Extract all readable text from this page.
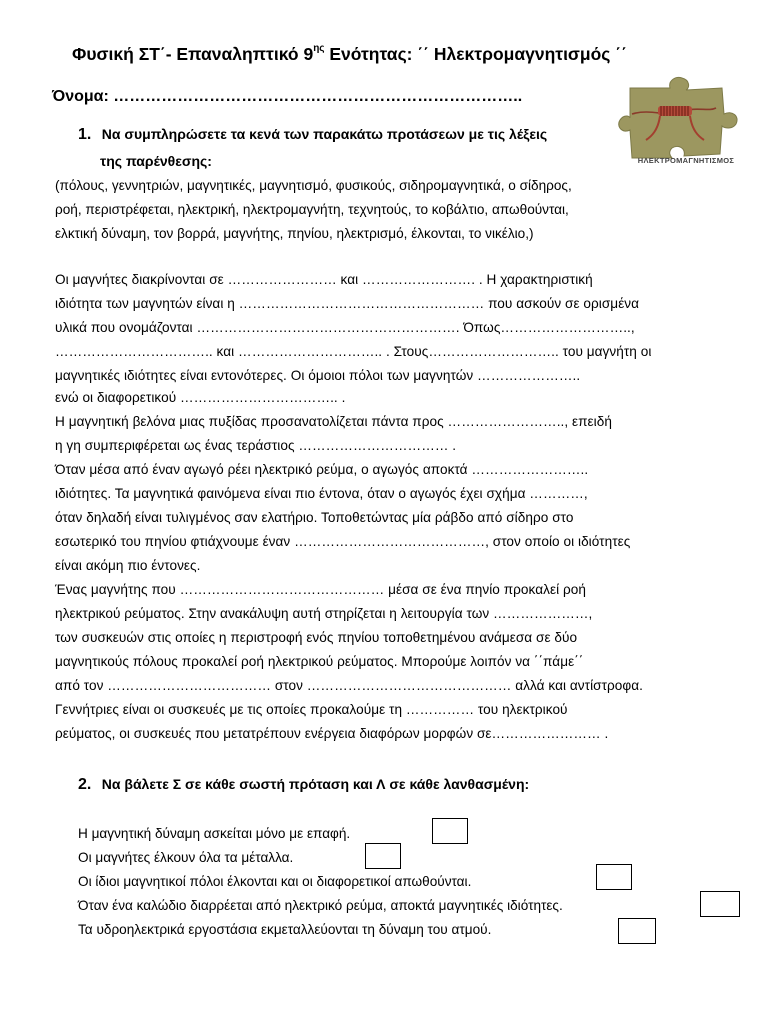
Φυσική ΣΤ΄- Επαναληπτικό $9^{\eta\varsigma}$ Ενότητας: ΄΄ Ηλεκτρομαγνητισμός ΄΄
Όνομα: …………………………………………………………………..
ΗΛΕΚΤΡΟΜΑΓΝΗΤΙΣΜΟΣ
1. Να συμπληρώσετε τα κενά των παρακάτω προτάσεων με τις λέξεις
της παρένθεσης:
(πόλους, γεννητριών, μαγνητικές, μαγνητισμό, φυσικούς, σιδηρομαγνητικά, ο σίδηρος,
ροή, περιστρέφεται, ηλεκτρική, ηλεκτρομαγνήτη, τεχνητούς, το κοβάλτιο, απωθούνται,
ελκτική δύναμη, τον βορρά, μαγνήτης, πηνίου, ηλεκτρισμό, έλκονται, το νικέλιο,)
Οι μαγνήτες διακρίνονται σε …………………… και ……………………. . Η χαρακτηριστική
ιδιότητα των μαγνητών είναι η ……………………………………………… που ασκούν σε ορισμένα
υλικά που ονομάζονται …………………………………………………. Όπως………………………..,
…………………………….. και ………………………….. . Στους……………………….. του μαγνήτη οι
μαγνητικές ιδιότητες είναι εντονότερες. Οι όμοιοι πόλοι των μαγνητών …………………..
ενώ οι διαφορετικού …………………………….. .
Η μαγνητική βελόνα μιας πυξίδας προσανατολίζεται πάντα προς …………………….., επειδή
η γη συμπεριφέρεται ως ένας τεράστιος …………………………… .
Όταν μέσα από έναν αγωγό ρέει ηλεκτρικό ρεύμα, ο αγωγός αποκτά ……………………..
ιδιότητες. Τα μαγνητικά φαινόμενα είναι πιο έντονα, όταν ο αγωγός έχει σχήμα …………,
όταν δηλαδή είναι τυλιγμένος σαν ελατήριο. Τοποθετώντας μία ράβδο από σίδηρο στο
εσωτερικό του πηνίου φτιάχνουμε έναν ……………………………………, στον οποίο οι ιδιότητες
είναι ακόμη πιο έντονες.
Ένας μαγνήτης που ……………………………………… μέσα σε ένα πηνίο προκαλεί ροή
ηλεκτρικού ρεύματος. Στην ανακάλυψη αυτή στηρίζεται η λειτουργία των …………………,
των συσκευών στις οποίες η περιστροφή ενός πηνίου τοποθετημένου ανάμεσα σε δύο
μαγνητικούς πόλους προκαλεί ροή ηλεκτρικού ρεύματος. Μπορούμε λοιπόν να ΄΄πάμε΄΄
από τον ……………………………… στον ……………………………………… αλλά και αντίστροφα.
Γεννήτριες είναι οι συσκευές με τις οποίες προκαλούμε τη …………… του ηλεκτρικού
ρεύματος, οι συσκευές που μετατρέπουν ενέργεια διαφόρων μορφών σε…………………… .
2. Να βάλετε Σ σε κάθε σωστή πρόταση και Λ σε κάθε λανθασμένη:
Η μαγνητική δύναμη ασκείται μόνο με επαφή.
Οι μαγνήτες έλκουν όλα τα μέταλλα.
Οι ίδιοι μαγνητικοί πόλοι έλκονται και οι διαφορετικοί απωθούνται.
Όταν ένα καλώδιο διαρρέεται από ηλεκτρικό ρεύμα, αποκτά μαγνητικές ιδιότητες.
Τα υδροηλεκτρικά εργοστάσια εκμεταλλεύονται τη δύναμη του ατμού.
